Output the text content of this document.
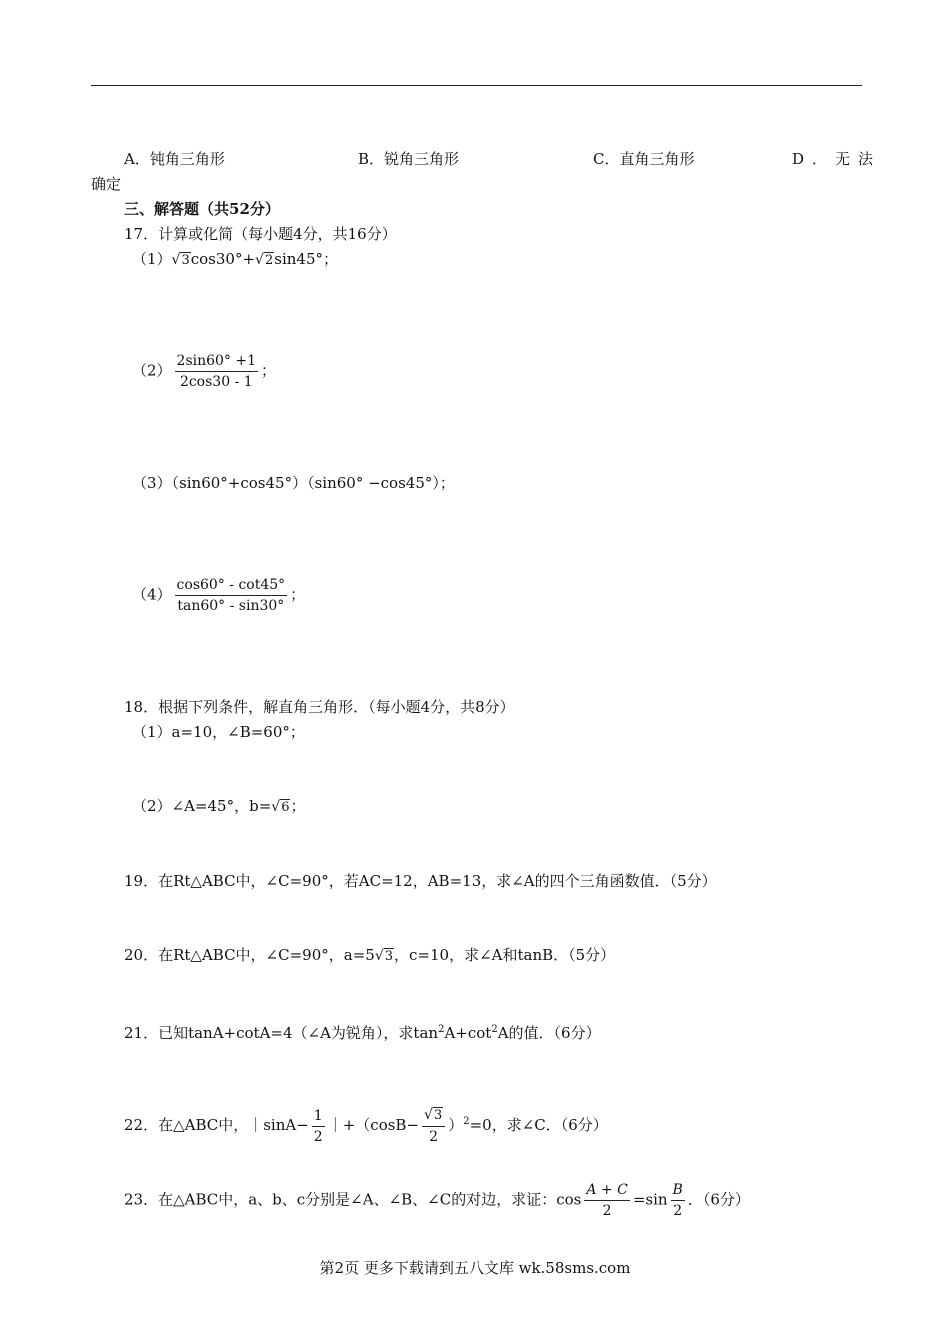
A．钝角三角形	B．锐角三角形	C．直角三角形	D．无法
确定
三、解答题（共52分）
17．计算或化简（每小题4分，共16分）
（1）√3cos30°+√2sin45°；
$(2) \frac{2\sin 60^\circ +1}{2\cos 30 - 1}$ ；
（3）（sin60°+cos45°）（sin60° −cos45°）；
$(4) \frac{\cos 60^\circ - \cot 45^\circ}{\tan 60^\circ - \sin 30^\circ}$ ；
18．根据下列条件，解直角三角形．（每小题4分，共8分）
（1）a=10，∠B=60°；
（2）∠A=45°，b=√6；
19．在Rt△ABC中，∠C=90°，若AC=12，AB=13，求∠A的四个三角函数值．（5分）
20．在Rt△ABC中，∠C=90°，a=5√3，c=10，求∠A和tanB．（5分）
21．已知tanA+cotA=4（∠A为锐角），求$\tan^2A+\cot^2A$的值．（6分）
22．在△ABC中，｜sinA− $\frac{1}{2}$ ｜+（cosB− $\frac{√3}{2} )^2=0$，求∠C．（6分）
23．在△ABC中，a、b、c分别是∠A、∠B、∠C的对边，求证：$\cos \frac{A + C}{2} =\sin \frac{B}{2}$ ．（6分）
第2页 更多下载请到五八文库 wk.58sms.com
